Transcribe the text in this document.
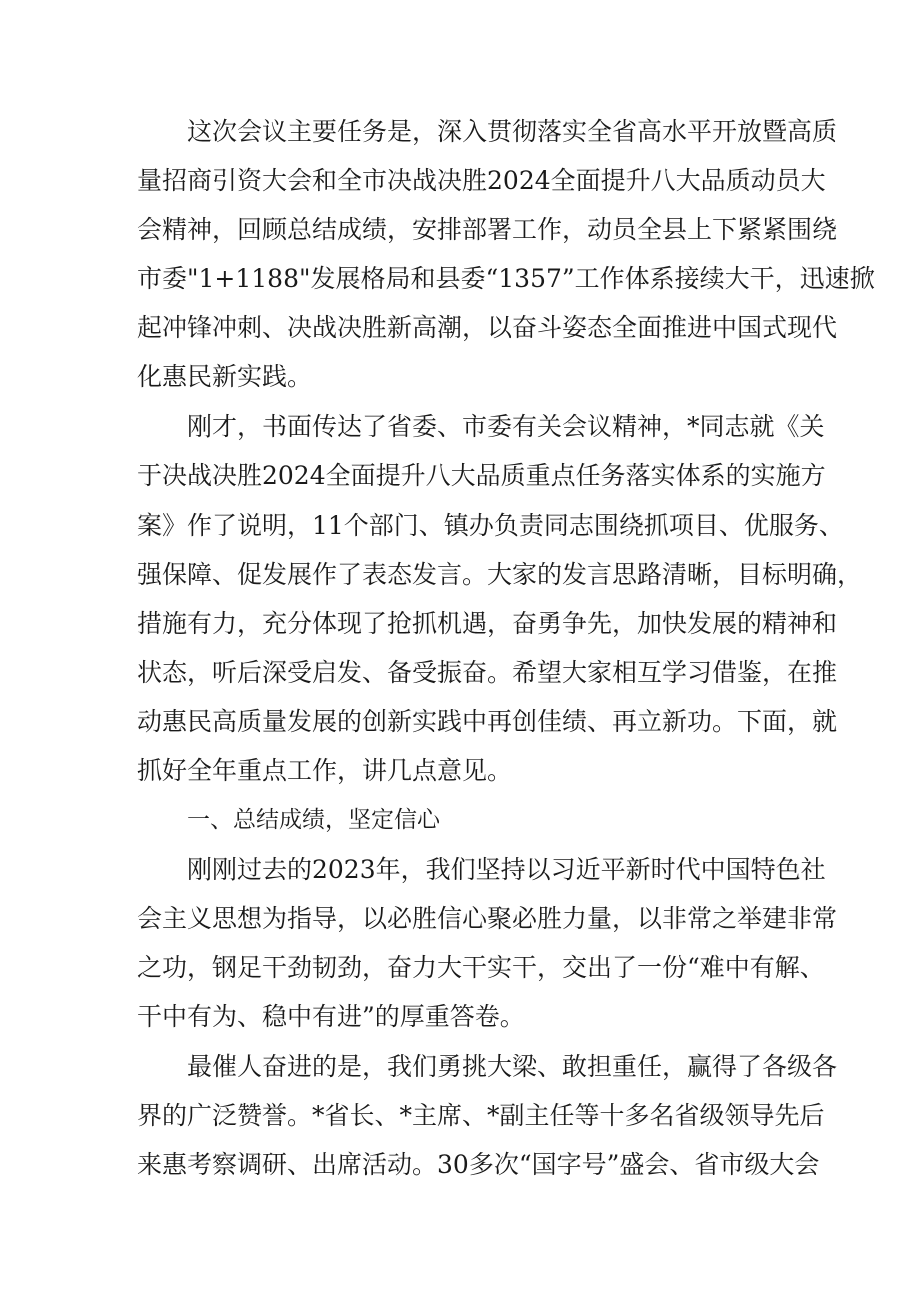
这次会议主要任务是，深入贯彻落实全省高水平开放暨高质
量招商引资大会和全市决战决胜2024全面提升八大品质动员大
会精神，回顾总结成绩，安排部署工作，动员全县上下紧紧围绕
市委"1+1188"发展格局和县委“1357”工作体系接续大干，迅速掀
起冲锋冲刺、决战决胜新高潮，以奋斗姿态全面推进中国式现代
化惠民新实践。
刚才，书面传达了省委、市委有关会议精神，*同志就《关
于决战决胜2024全面提升八大品质重点任务落实体系的实施方
案》作了说明，11个部门、镇办负责同志围绕抓项目、优服务、
强保障、促发展作了表态发言。大家的发言思路清晰，目标明确，
措施有力，充分体现了抢抓机遇，奋勇争先，加快发展的精神和
状态，听后深受启发、备受振奋。希望大家相互学习借鉴，在推
动惠民高质量发展的创新实践中再创佳绩、再立新功。下面，就
抓好全年重点工作，讲几点意见。
一、总结成绩，坚定信心
刚刚过去的2023年，我们坚持以习近平新时代中国特色社
会主义思想为指导，以必胜信心聚必胜力量，以非常之举建非常
之功，钢足干劲韧劲，奋力大干实干，交出了一份“难中有解、
干中有为、稳中有进”的厚重答卷。
最催人奋进的是，我们勇挑大梁、敢担重任，赢得了各级各
界的广泛赞誉。*省长、*主席、*副主任等十多名省级领导先后
来惠考察调研、出席活动。30多次“国字号”盛会、省市级大会
